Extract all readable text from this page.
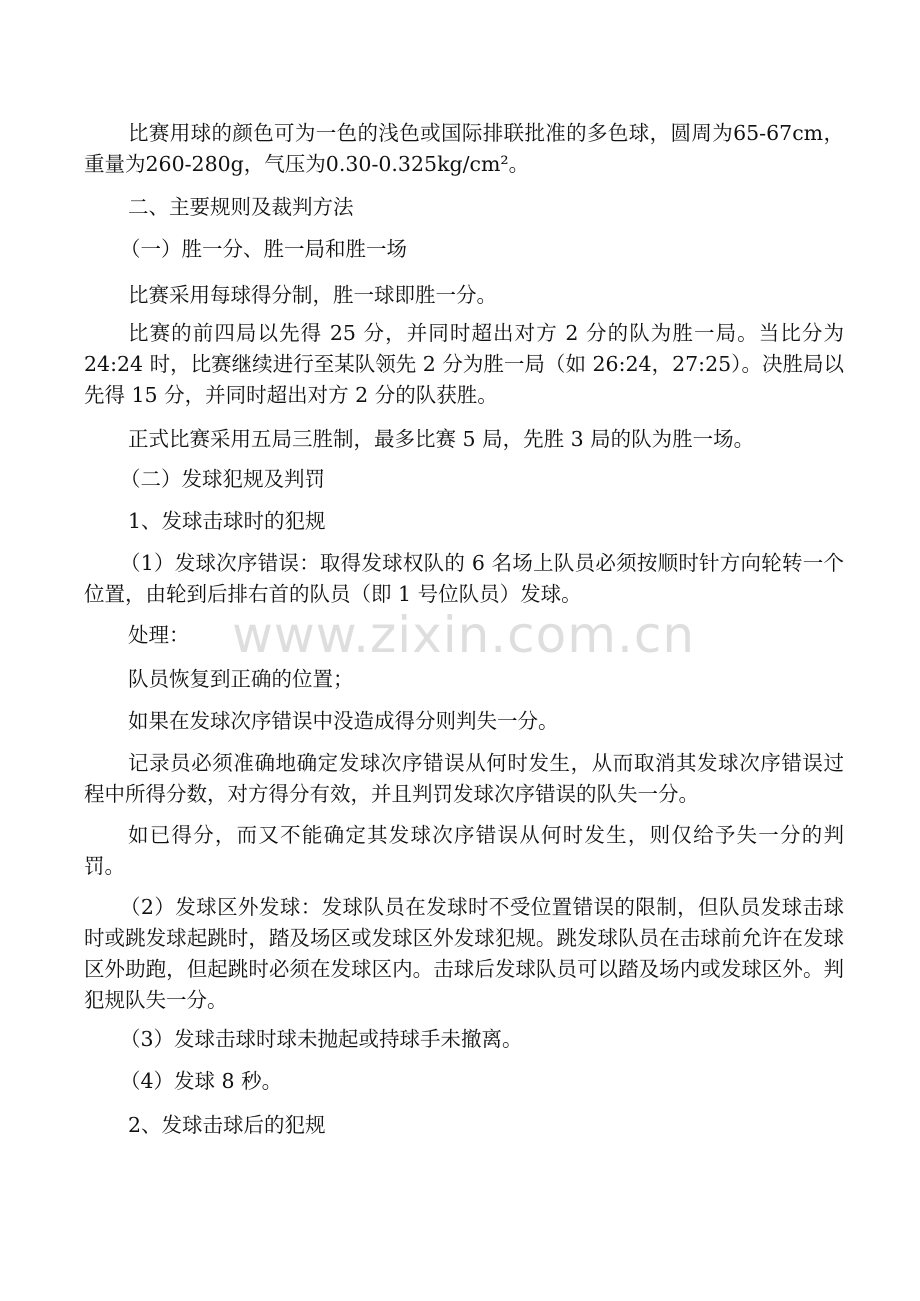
比赛用球的颜色可为一色的浅色或国际排联批准的多色球，圆周为65-67cm，重量为260-280g，气压为0.30-0.325kg/cm²。

二、主要规则及裁判方法

（一）胜一分、胜一局和胜一场

比赛采用每球得分制，胜一球即胜一分。

比赛的前四局以先得 25 分，并同时超出对方 2 分的队为胜一局。当比分为 24:24 时，比赛继续进行至某队领先 2 分为胜一局（如 26:24，27:25）。决胜局以先得 15 分，并同时超出对方 2 分的队获胜。

正式比赛采用五局三胜制，最多比赛 5 局，先胜 3 局的队为胜一场。

（二）发球犯规及判罚

1、发球击球时的犯规

（1）发球次序错误：取得发球权队的 6 名场上队员必须按顺时针方向轮转一个位置，由轮到后排右首的队员（即 1 号位队员）发球。

处理：

队员恢复到正确的位置；

如果在发球次序错误中没造成得分则判失一分。

记录员必须准确地确定发球次序错误从何时发生，从而取消其发球次序错误过程中所得分数，对方得分有效，并且判罚发球次序错误的队失一分。

如已得分，而又不能确定其发球次序错误从何时发生，则仅给予失一分的判罚。

（2）发球区外发球：发球队员在发球时不受位置错误的限制，但队员发球击球时或跳发球起跳时，踏及场区或发球区外发球犯规。跳发球队员在击球前允许在发球区外助跑，但起跳时必须在发球区内。击球后发球队员可以踏及场内或发球区外。判犯规队失一分。

（3）发球击球时球未抛起或持球手未撤离。

（4）发球 8 秒。

2、发球击球后的犯规

www.zixin.com.cn
